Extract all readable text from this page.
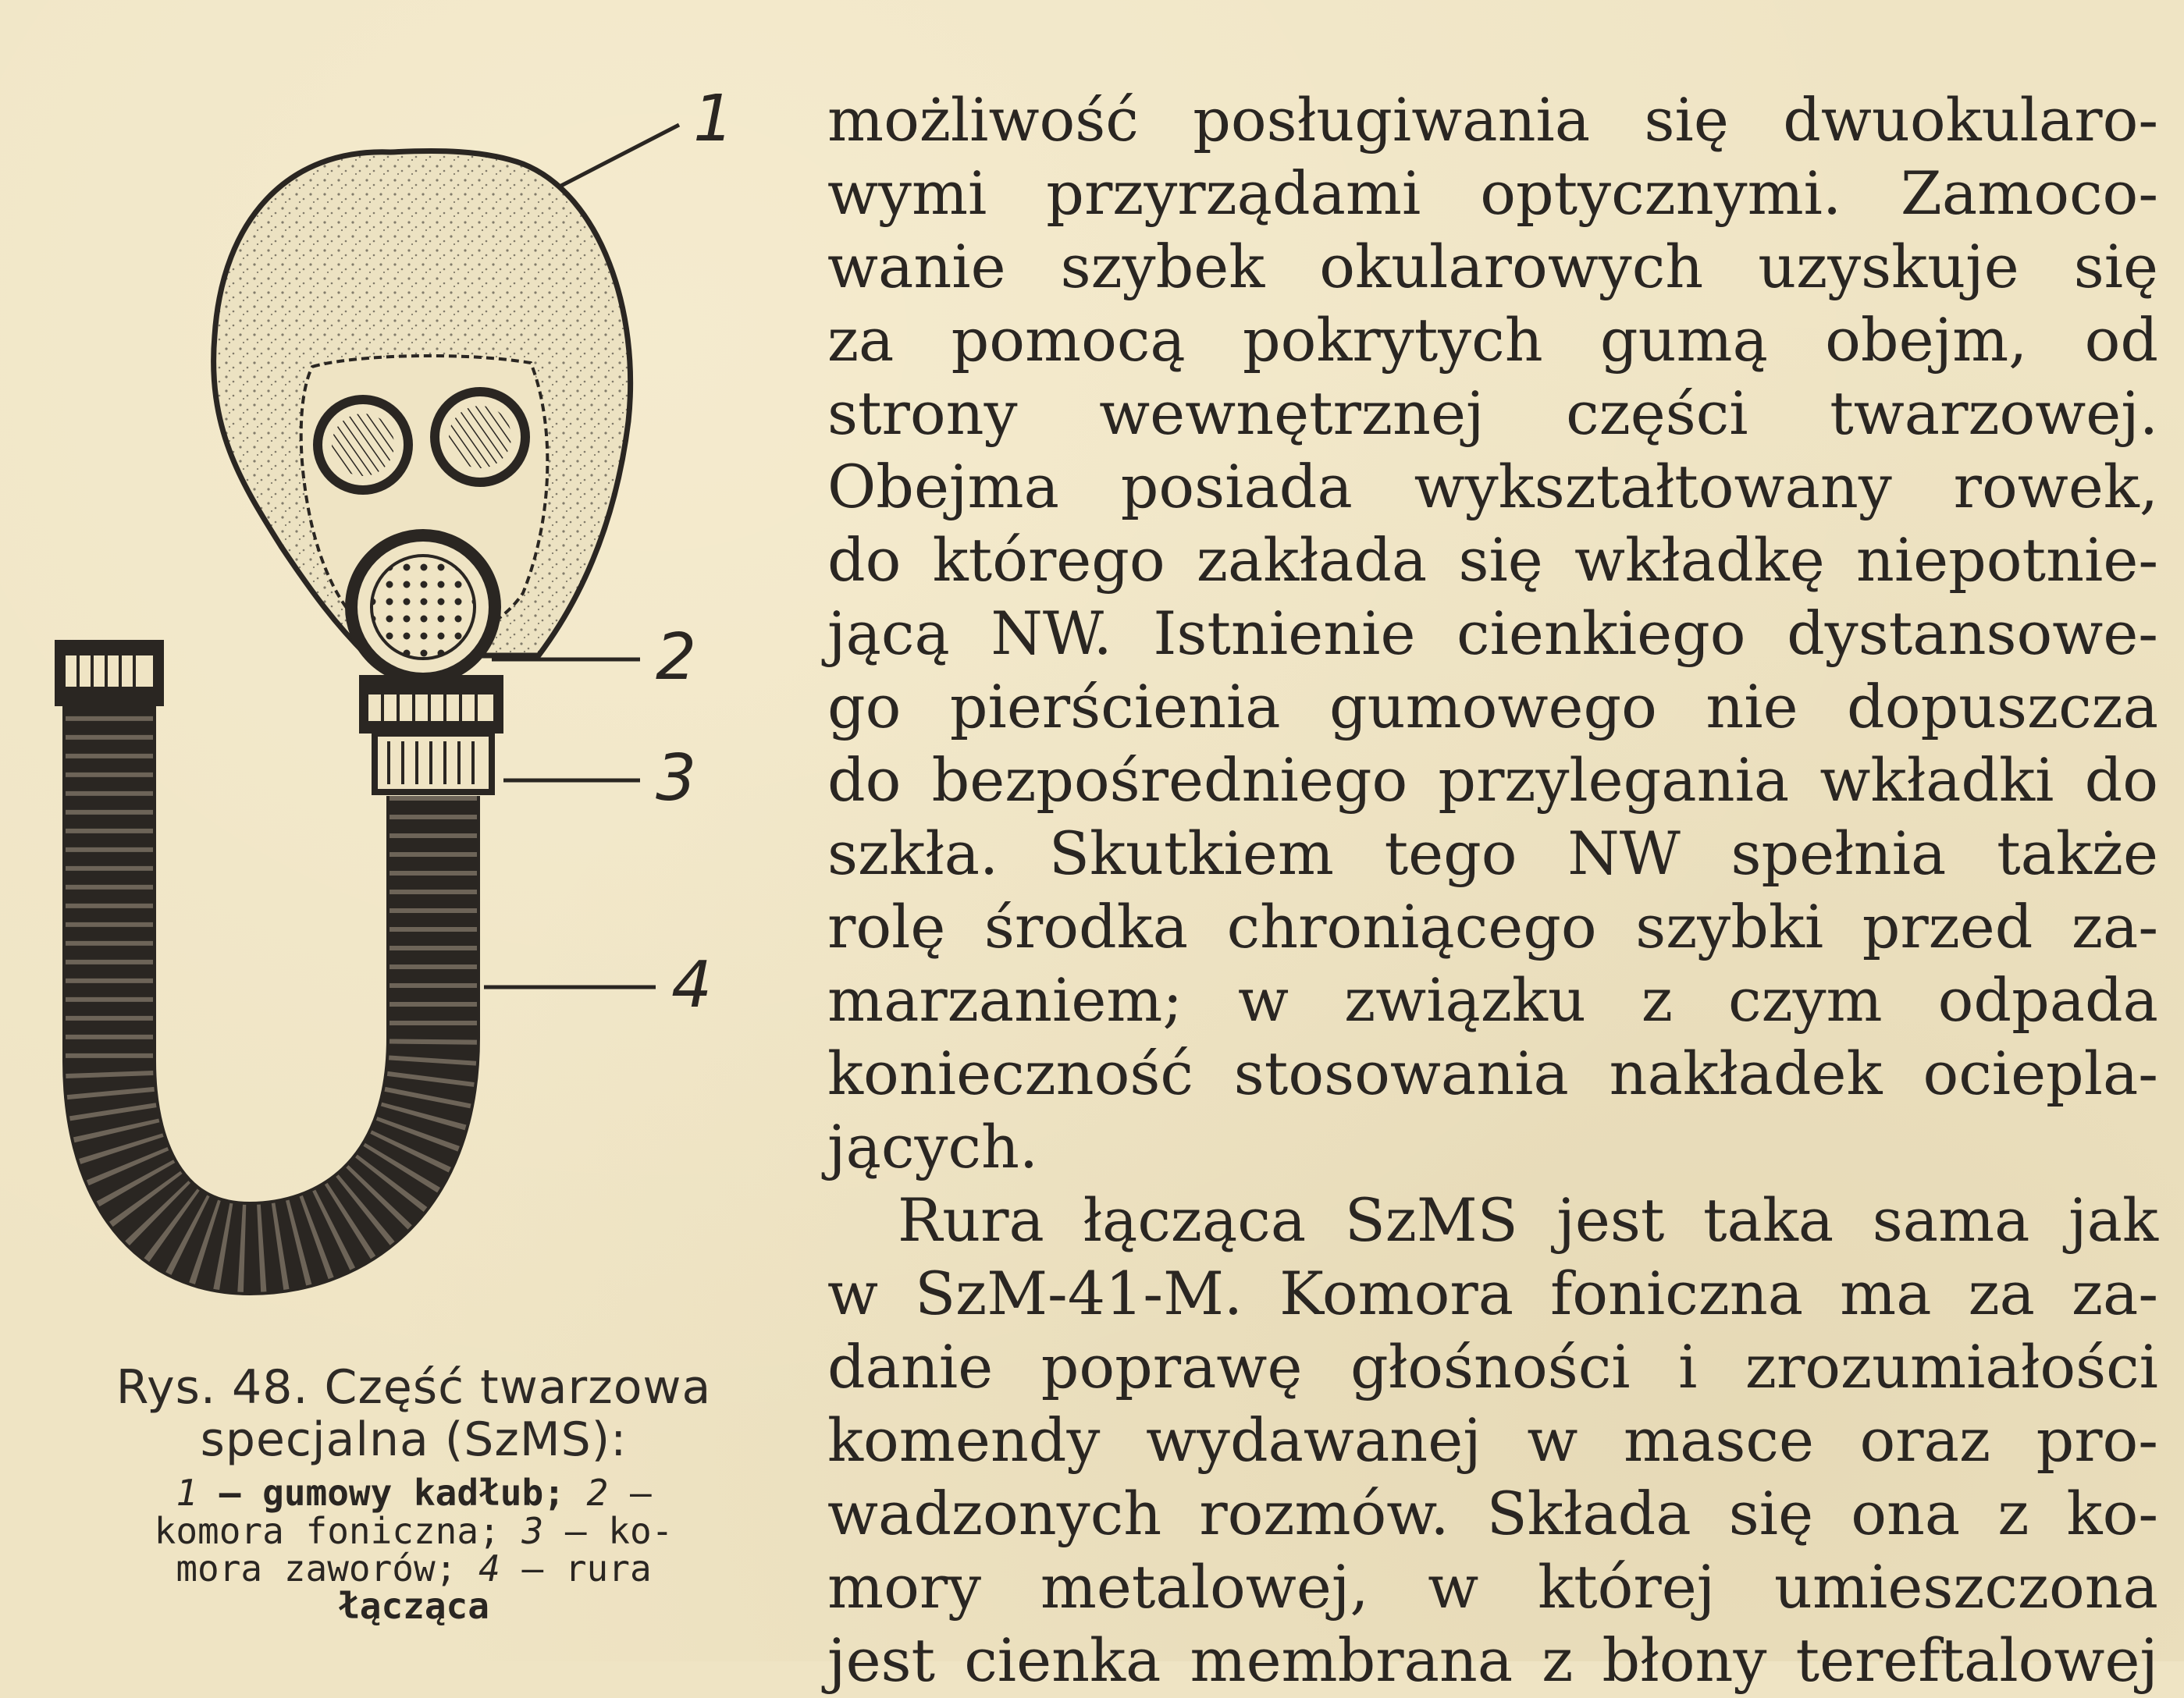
1
2
3
4
Rys. 48. Część twarzowa
specjalna (SzMS):
1 — gumowy kadłub; 2 —
komora foniczna; 3 — ko-
mora zaworów; 4 — rura
łącząca
możliwość posługiwania się dwuokularo-
wymi przyrządami optycznymi. Zamoco-
wanie szybek okularowych uzyskuje się
za pomocą pokrytych gumą obejm, od
strony wewnętrznej części twarzowej.
Obejma posiada wykształtowany rowek,
do którego zakłada się wkładkę niepotnie-
jącą NW. Istnienie cienkiego dystansowe-
go pierścienia gumowego nie dopuszcza
do bezpośredniego przylegania wkładki do
szkła. Skutkiem tego NW spełnia także
rolę środka chroniącego szybki przed za-
marzaniem; w związku z czym odpada
konieczność stosowania nakładek ociepla-
jących.
Rura łącząca SzMS jest taka sama jak
w SzM-41-M. Komora foniczna ma za za-
danie poprawę głośności i zrozumiałości
komendy wydawanej w masce oraz pro-
wadzonych rozmów. Składa się ona z ko-
mory metalowej, w której umieszczona
jest cienka membrana z błony tereftalowej
